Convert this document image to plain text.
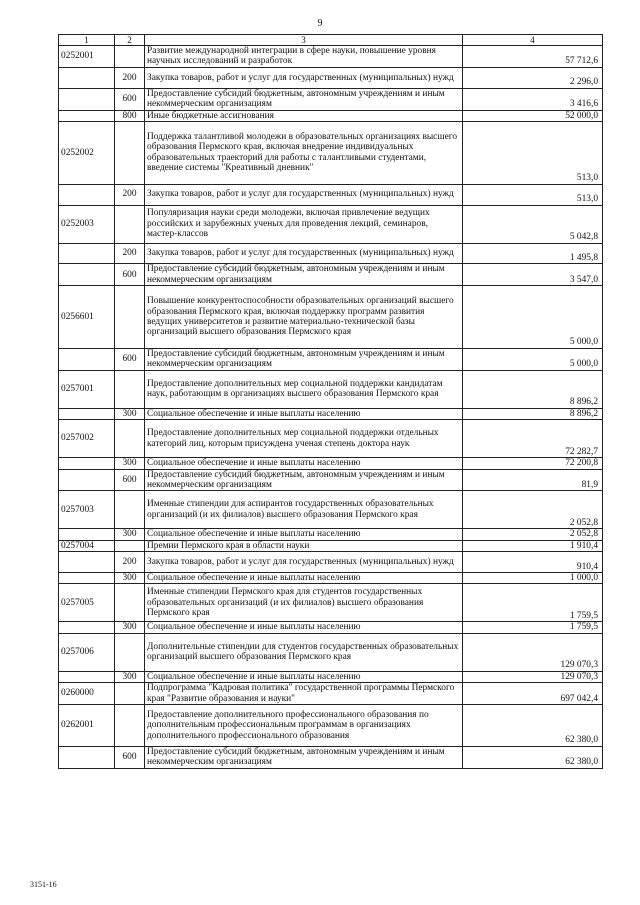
9
1	2	3	4
0252001		Развитие международной интеграции в сфере науки, повышение уровня научных исследований и разработок	57 712,6
	200	Закупка товаров, работ и услуг для государственных (муниципальных) нужд	2 296,0
	600	Предоставление субсидий бюджетным, автономным учреждениям и иным некоммерческим организациям	3 416,6
	800	Иные бюджетные ассигнования	52 000,0
0252002		Поддержка талантливой молодежи в образовательных организациях высшего образования Пермского края, включая внедрение индивидуальных образовательных траекторий для работы с талантливыми студентами, введение системы "Креативный дневник"	513,0
	200	Закупка товаров, работ и услуг для государственных (муниципальных) нужд	513,0
0252003		Популяризация науки среди молодежи, включая привлечение ведущих российских и зарубежных ученых для проведения лекций, семинаров, мастер-классов	5 042,8
	200	Закупка товаров, работ и услуг для государственных (муниципальных) нужд	1 495,8
	600	Предоставление субсидий бюджетным, автономным учреждениям и иным некоммерческим организациям	3 547,0
0256601		Повышение конкурентоспособности образовательных организаций высшего образования Пермского края, включая поддержку программ развития ведущих университетов и развитие материально-технической базы организаций высшего образования Пермского края	5 000,0
	600	Предоставление субсидий бюджетным, автономным учреждениям и иным некоммерческим организациям	5 000,0
0257001		Предоставление дополнительных мер социальной поддержки кандидатам наук, работающим в организациях высшего образования Пермского края	8 896,2
	300	Социальное обеспечение и иные выплаты населению	8 896,2
0257002		Предоставление дополнительных мер социальной поддержки отдельных категорий лиц, которым присуждена ученая степень доктора наук	72 282,7
	300	Социальное обеспечение и иные выплаты населению	72 200,8
	600	Предоставление субсидий бюджетным, автономным учреждениям и иным некоммерческим организациям	81,9
0257003		Именные стипендии для аспирантов государственных образовательных организаций (и их филиалов) высшего образования Пермского края	2 052,8
	300	Социальное обеспечение и иные выплаты населению	2 052,8
0257004		Премии Пермского края в области науки	1 910,4
	200	Закупка товаров, работ и услуг для государственных (муниципальных) нужд	910,4
	300	Социальное обеспечение и иные выплаты населению	1 000,0
0257005		Именные стипендии Пермского края для студентов государственных образовательных организаций (и их филиалов) высшего образования Пермского края	1 759,5
	300	Социальное обеспечение и иные выплаты населению	1 759,5
0257006		Дополнительные стипендии для студентов государственных образовательных организаций высшего образования Пермского края	129 070,3
	300	Социальное обеспечение и иные выплаты населению	129 070,3
0260000		Подпрограмма "Кадровая политика" государственной программы Пермского края "Развитие образования и науки"	697 042,4
0262001		Предоставление дополнительного профессионального образования по дополнительным профессиональным программам в организациях дополнительного профессионального образования	62 380,0
	600	Предоставление субсидий бюджетным, автономным учреждениям и иным некоммерческим организациям	62 380,0
3151-16
